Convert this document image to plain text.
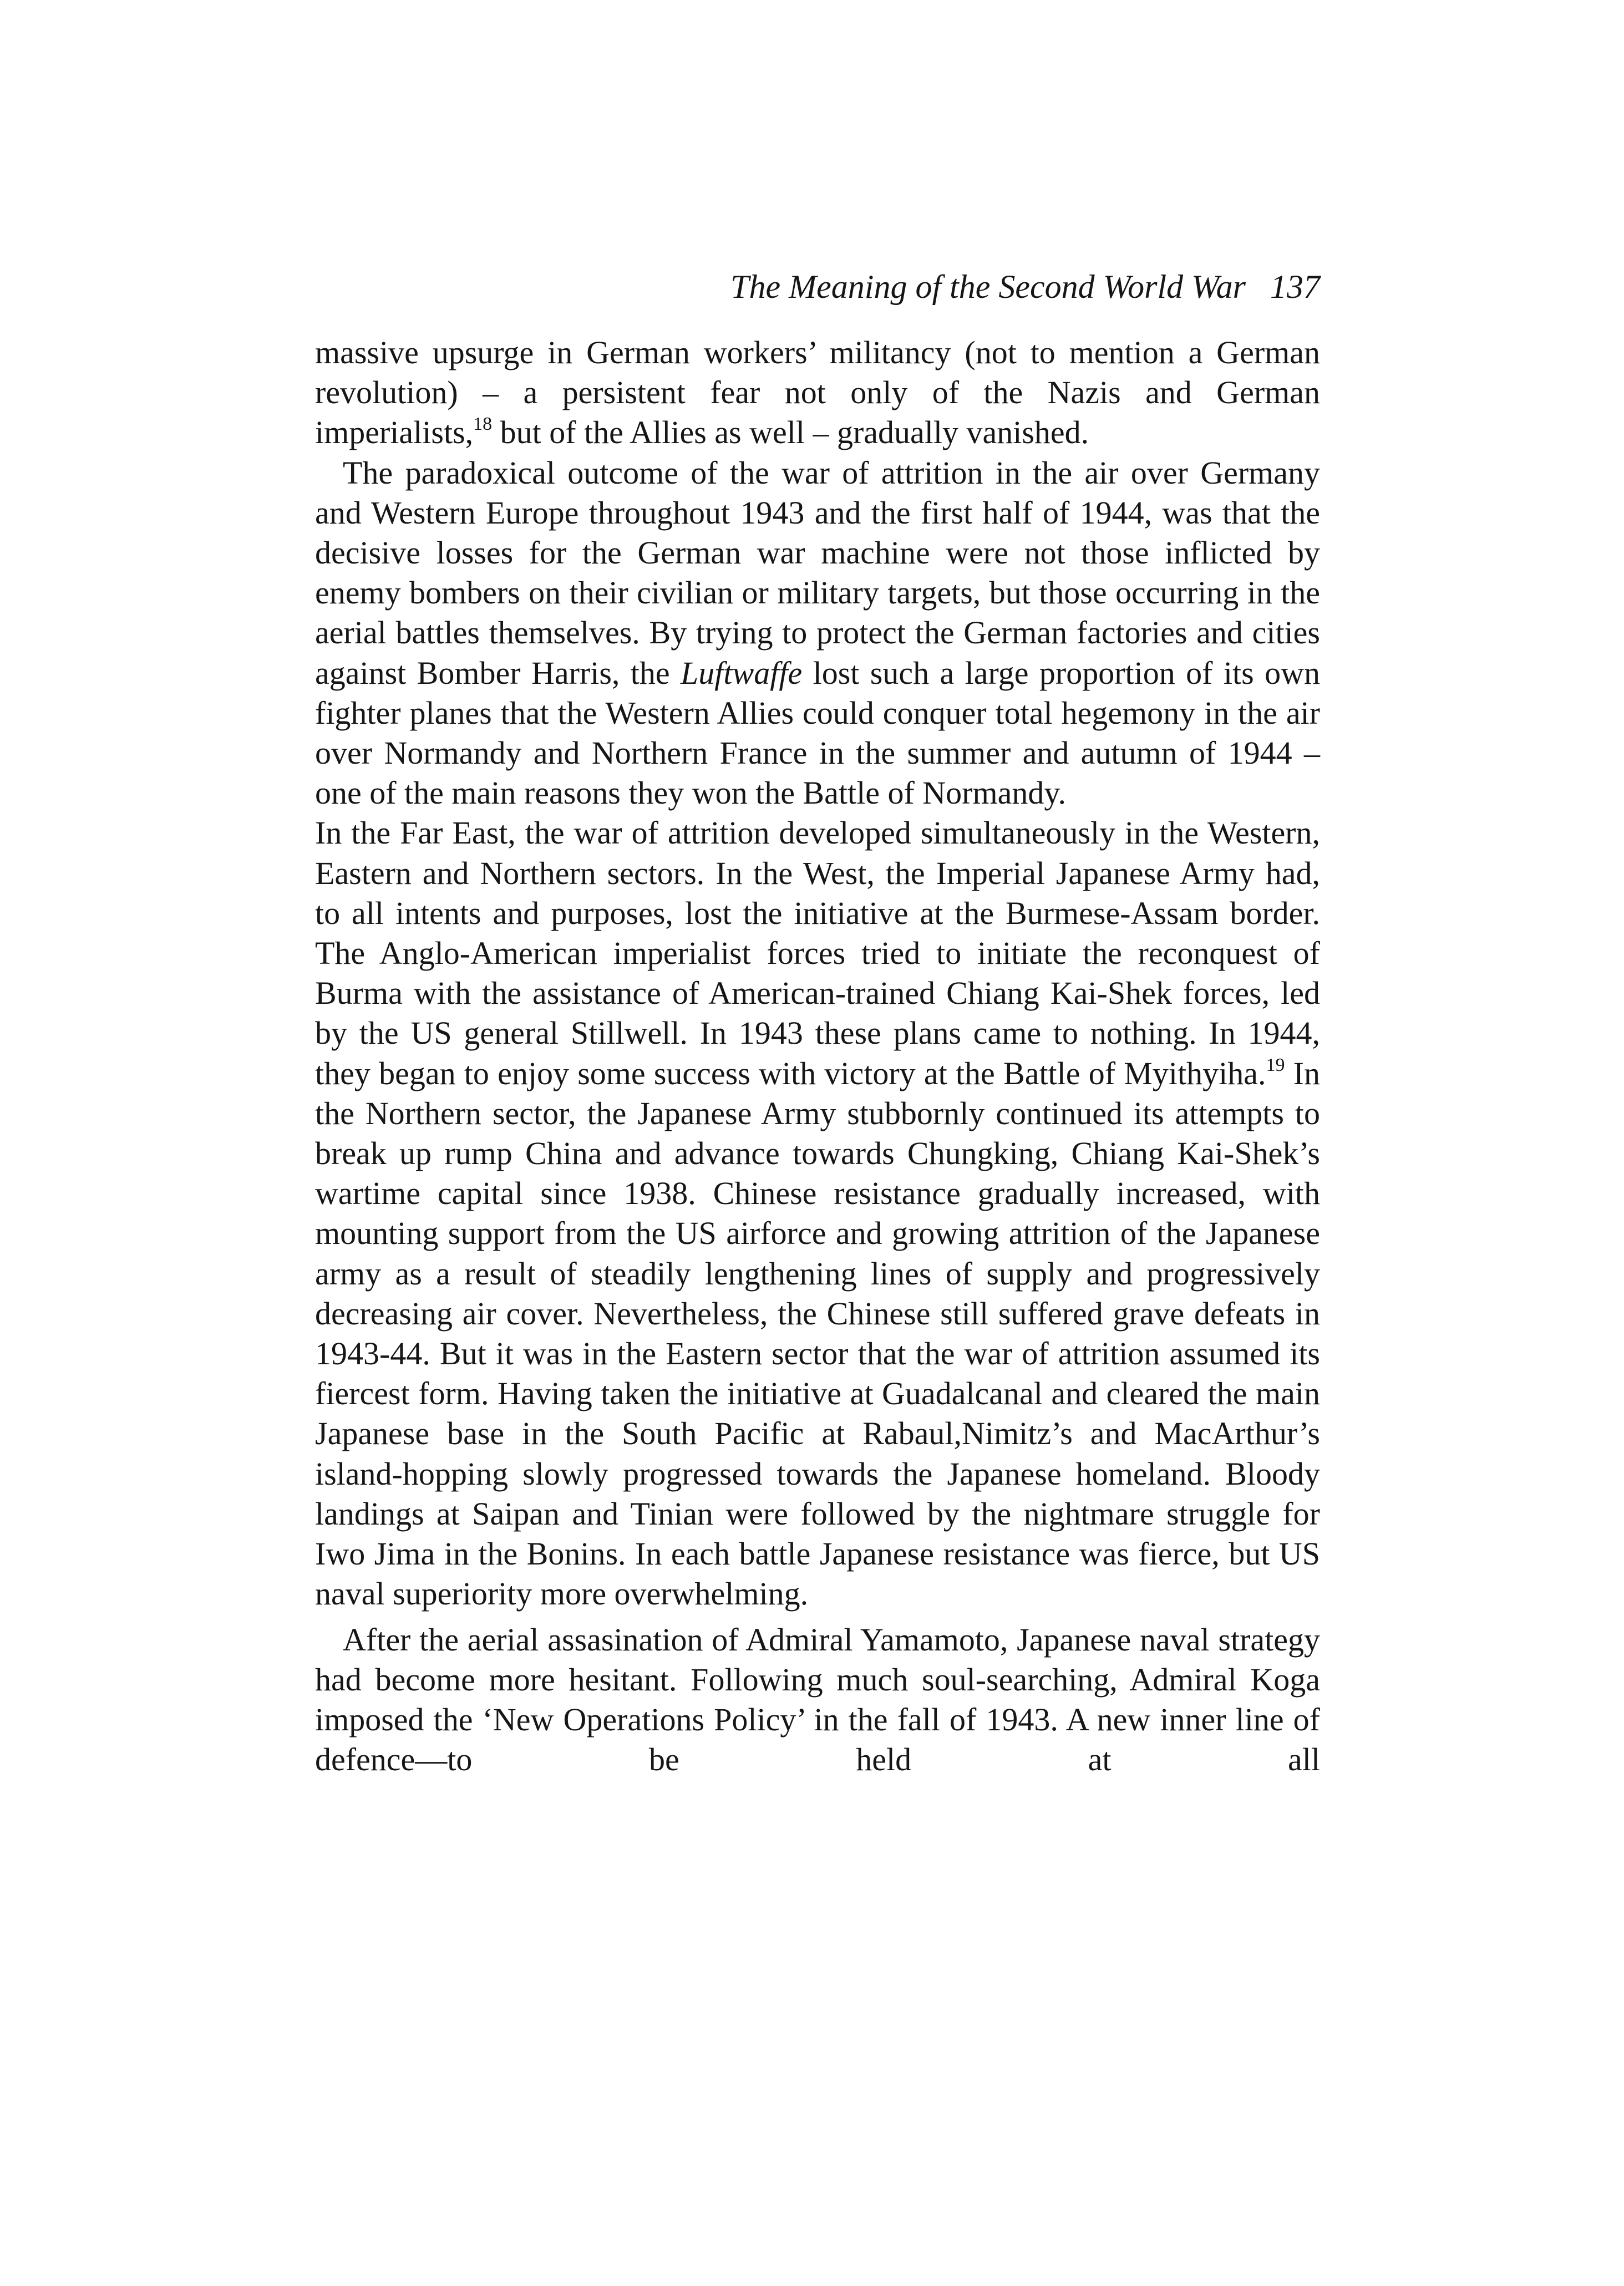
The Meaning of the Second World War 137

massive upsurge in German workers’ militancy (not to mention a German revolution) – a persistent fear not only of the Nazis and German imperialists,$^{18}$ but of the Allies as well – gradually vanished.

The paradoxical outcome of the war of attrition in the air over Germany and Western Europe throughout 1943 and the first half of 1944, was that the decisive losses for the German war machine were not those inflicted by enemy bombers on their civilian or military targets, but those occurring in the aerial battles themselves. By trying to protect the German factories and cities against Bomber Harris, the Luftwaffe lost such a large proportion of its own fighter planes that the Western Allies could conquer total hegemony in the air over Normandy and Northern France in the summer and autumn of 1944 – one of the main reasons they won the Battle of Normandy.

In the Far East, the war of attrition developed simultaneously in the Western, Eastern and Northern sectors. In the West, the Imperial Japanese Army had, to all intents and purposes, lost the initiative at the Burmese-Assam border. The Anglo-American imperialist forces tried to initiate the reconquest of Burma with the assistance of American-trained Chiang Kai-Shek forces, led by the US general Stillwell. In 1943 these plans came to nothing. In 1944, they began to enjoy some success with victory at the Battle of Myithyiha.$^{19}$ In the Northern sector, the Japanese Army stubbornly continued its attempts to break up rump China and advance towards Chungking, Chiang Kai-Shek’s wartime capital since 1938. Chinese resistance gradually increased, with mounting support from the US airforce and growing attrition of the Japanese army as a result of steadily lengthening lines of supply and progressively decreasing air cover. Nevertheless, the Chinese still suffered grave defeats in 1943-44. But it was in the Eastern sector that the war of attrition assumed its fiercest form. Having taken the initiative at Guadalcanal and cleared the main Japanese base in the South Pacific at Rabaul,Nimitz’s and MacArthur’s island-hopping slowly progressed towards the Japanese homeland. Bloody landings at Saipan and Tinian were followed by the nightmare struggle for Iwo Jima in the Bonins. In each battle Japanese resistance was fierce, but US naval superiority more overwhelming.

After the aerial assasination of Admiral Yamamoto, Japanese naval strategy had become more hesitant. Following much soul-searching, Admiral Koga imposed the ‘New Operations Policy’ in the fall of 1943. A new inner line of defence—to be held at all
